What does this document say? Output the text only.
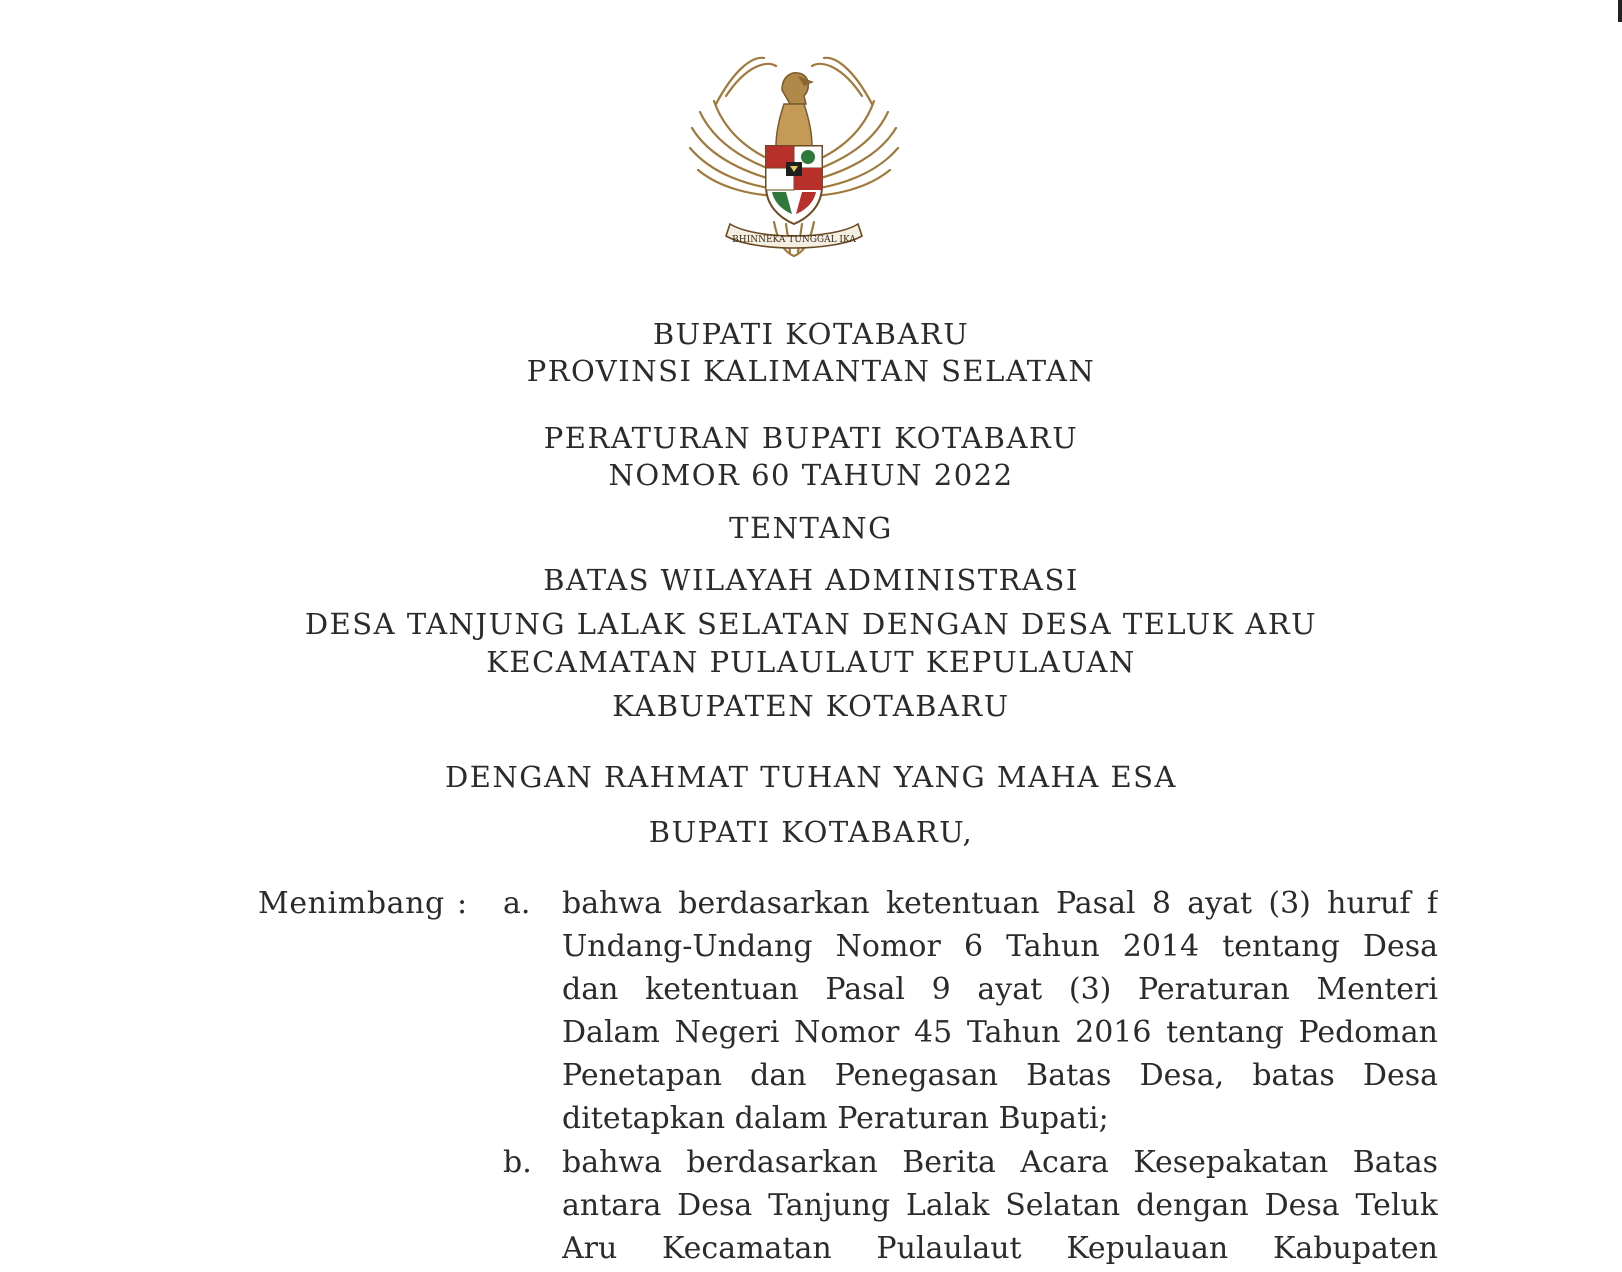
BHINNEKA TUNGGAL IKA
BUPATI KOTABARU
PROVINSI KALIMANTAN SELATAN
PERATURAN BUPATI KOTABARU
NOMOR 60 TAHUN 2022
TENTANG
BATAS WILAYAH ADMINISTRASI
DESA TANJUNG LALAK SELATAN DENGAN DESA TELUK ARU
KECAMATAN PULAULAUT KEPULAUAN
KABUPATEN KOTABARU
DENGAN RAHMAT TUHAN YANG MAHA ESA
BUPATI KOTABARU,
Menimbang : a. bahwa berdasarkan ketentuan Pasal 8 ayat (3) huruf f
Undang-Undang Nomor 6 Tahun 2014 tentang Desa
dan ketentuan Pasal 9 ayat (3) Peraturan Menteri
Dalam Negeri Nomor 45 Tahun 2016 tentang Pedoman
Penetapan dan Penegasan Batas Desa, batas Desa
ditetapkan dalam Peraturan Bupati;
b. bahwa berdasarkan Berita Acara Kesepakatan Batas
antara Desa Tanjung Lalak Selatan dengan Desa Teluk
Aru Kecamatan Pulaulaut Kepulauan Kabupaten
